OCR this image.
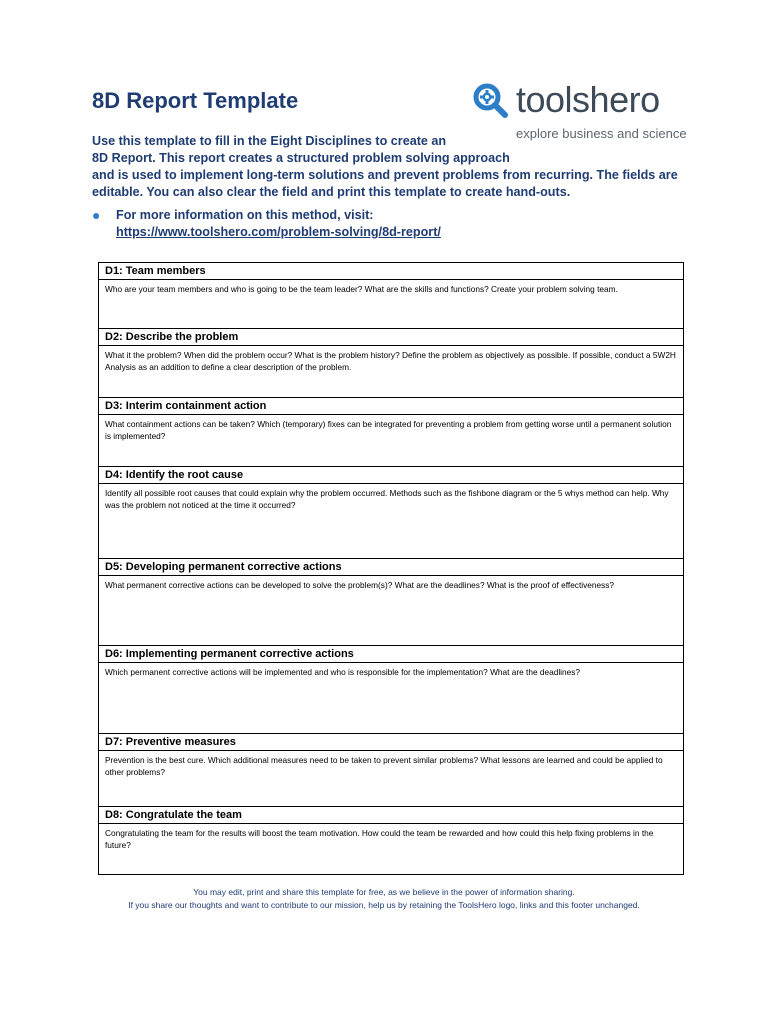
8D Report Template	toolshero
explore business and science
Use this template to fill in the Eight Disciplines to create an
8D Report. This report creates a structured problem solving approach
and is used to implement long-term solutions and prevent problems from recurring. The fields are
editable. You can also clear the field and print this template to create hand-outs.
● For more information on this method, visit:
https://www.toolshero.com/problem-solving/8d-report/
D1: Team members
Who are your team members and who is going to be the team leader? What are the skills and functions? Create your problem solving team.
D2: Describe the problem
What it the problem? When did the problem occur? What is the problem history? Define the problem as objectively as possible. If possible, conduct a 5W2H Analysis as an addition to define a clear description of the problem.
D3: Interim containment action
What containment actions can be taken? Which (temporary) fixes can be integrated for preventing a problem from getting worse until a permanent solution is implemented?
D4: Identify the root cause
Identify all possible root causes that could explain why the problem occurred. Methods such as the fishbone diagram or the 5 whys method can help. Why was the problem not noticed at the time it occurred?
D5: Developing permanent corrective actions
What permanent corrective actions can be developed to solve the problem(s)? What are the deadlines? What is the proof of effectiveness?
D6: Implementing permanent corrective actions
Which permanent corrective actions will be implemented and who is responsible for the implementation? What are the deadlines?
D7: Preventive measures
Prevention is the best cure. Which additional measures need to be taken to prevent similar problems? What lessons are learned and could be applied to other problems?
D8: Congratulate the team
Congratulating the team for the results will boost the team motivation. How could the team be rewarded and how could this help fixing problems in the future?
You may edit, print and share this template for free, as we believe in the power of information sharing.
If you share our thoughts and want to contribute to our mission, help us by retaining the ToolsHero logo, links and this footer unchanged.
